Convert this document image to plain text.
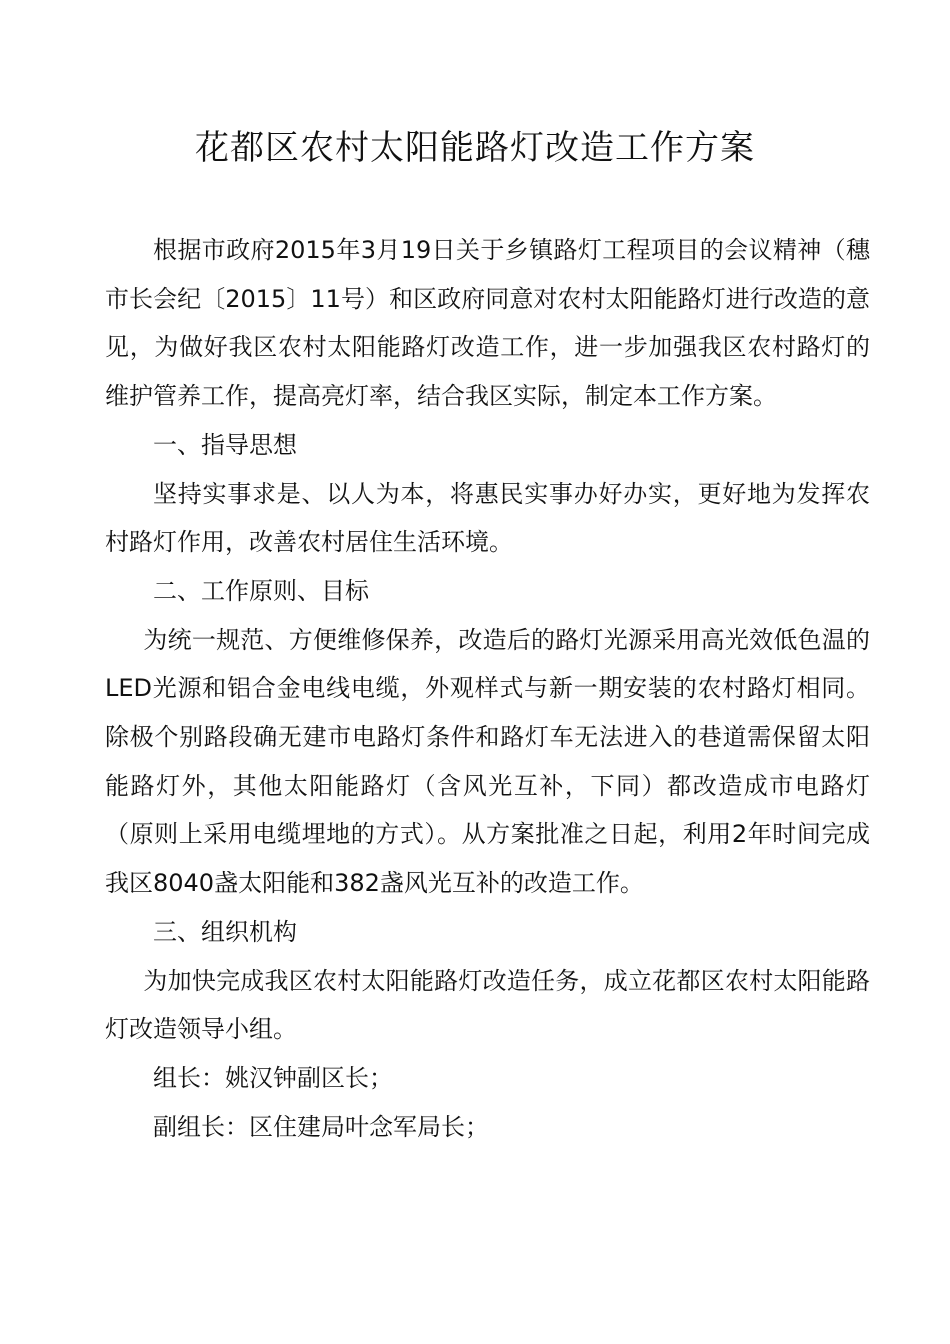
花都区农村太阳能路灯改造工作方案

根据市政府2015年3月19日关于乡镇路灯工程项目的会议精神（穗市长会纪〔2015〕11号）和区政府同意对农村太阳能路灯进行改造的意见，为做好我区农村太阳能路灯改造工作，进一步加强我区农村路灯的维护管养工作，提高亮灯率，结合我区实际，制定本工作方案。

一、指导思想

坚持实事求是、以人为本，将惠民实事办好办实，更好地为发挥农村路灯作用，改善农村居住生活环境。

二、工作原则、目标

为统一规范、方便维修保养，改造后的路灯光源采用高光效低色温的LED光源和铝合金电线电缆，外观样式与新一期安装的农村路灯相同。除极个别路段确无建市电路灯条件和路灯车无法进入的巷道需保留太阳能路灯外，其他太阳能路灯（含风光互补，下同）都改造成市电路灯（原则上采用电缆埋地的方式）。从方案批准之日起，利用2年时间完成我区8040盏太阳能和382盏风光互补的改造工作。

三、组织机构

为加快完成我区农村太阳能路灯改造任务，成立花都区农村太阳能路灯改造领导小组。

组长：姚汉钟副区长；

副组长：区住建局叶念军局长；
